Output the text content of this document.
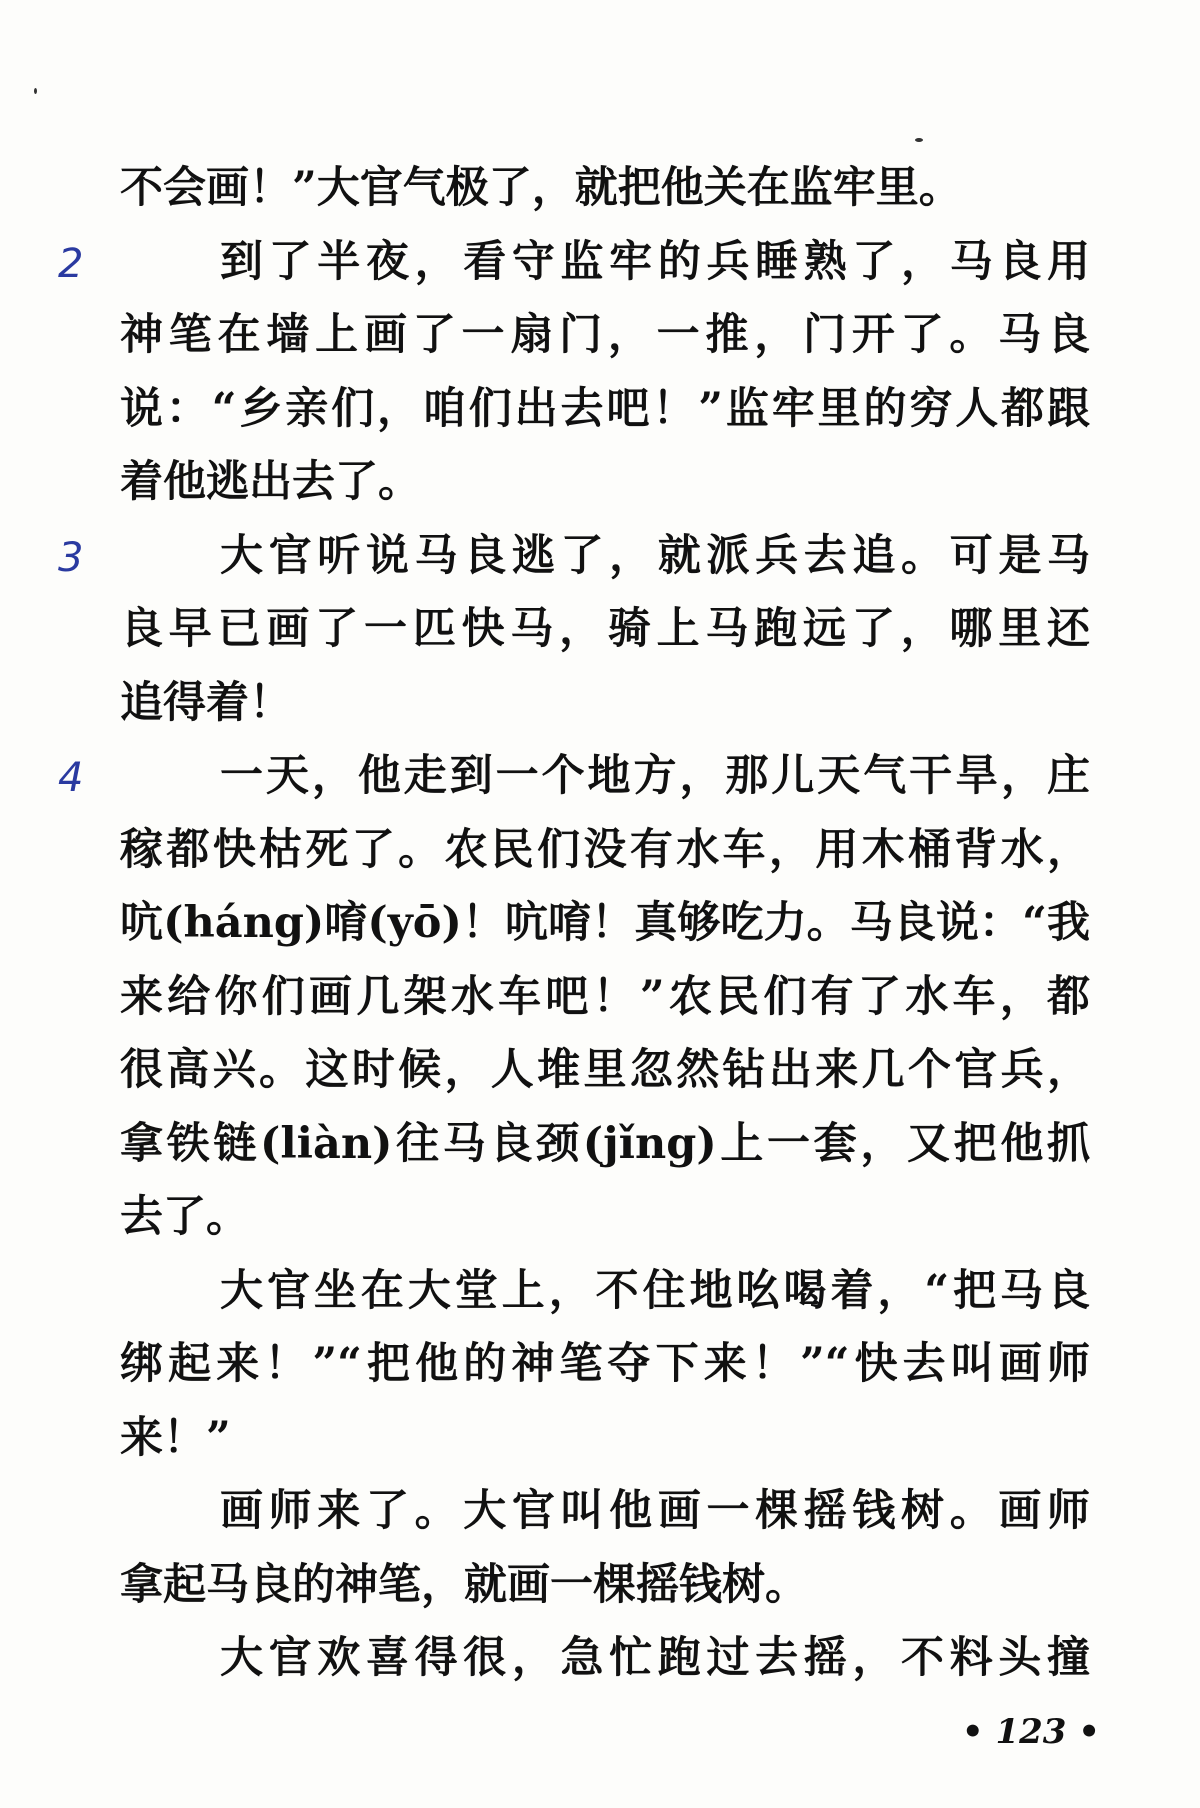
不会画！”大官气极了，就把他关在监牢里。
到了半夜，看守监牢的兵睡熟了，马良用
神笔在墙上画了一扇门，一推，门开了。马良
说：“乡亲们，咱们出去吧！”监牢里的穷人都跟
着他逃出去了。
大官听说马良逃了，就派兵去追。可是马
良早已画了一匹快马，骑上马跑远了，哪里还
追得着！
一天，他走到一个地方，那儿天气干旱，庄
稼都快枯死了。农民们没有水车，用木桶背水，
吭(háng)唷(yō)！吭唷！真够吃力。马良说：“我
来给你们画几架水车吧！”农民们有了水车，都
很高兴。这时候，人堆里忽然钻出来几个官兵，
拿铁链(liàn)往马良颈(jǐng)上一套，又把他抓
去了。
大官坐在大堂上，不住地吆喝着，“把马良
绑起来！”“把他的神笔夺下来！”“快去叫画师
来！”
画师来了。大官叫他画一棵摇钱树。画师
拿起马良的神笔，就画一棵摇钱树。
大官欢喜得很，急忙跑过去摇，不料头撞
2
3
4
• 123 •
